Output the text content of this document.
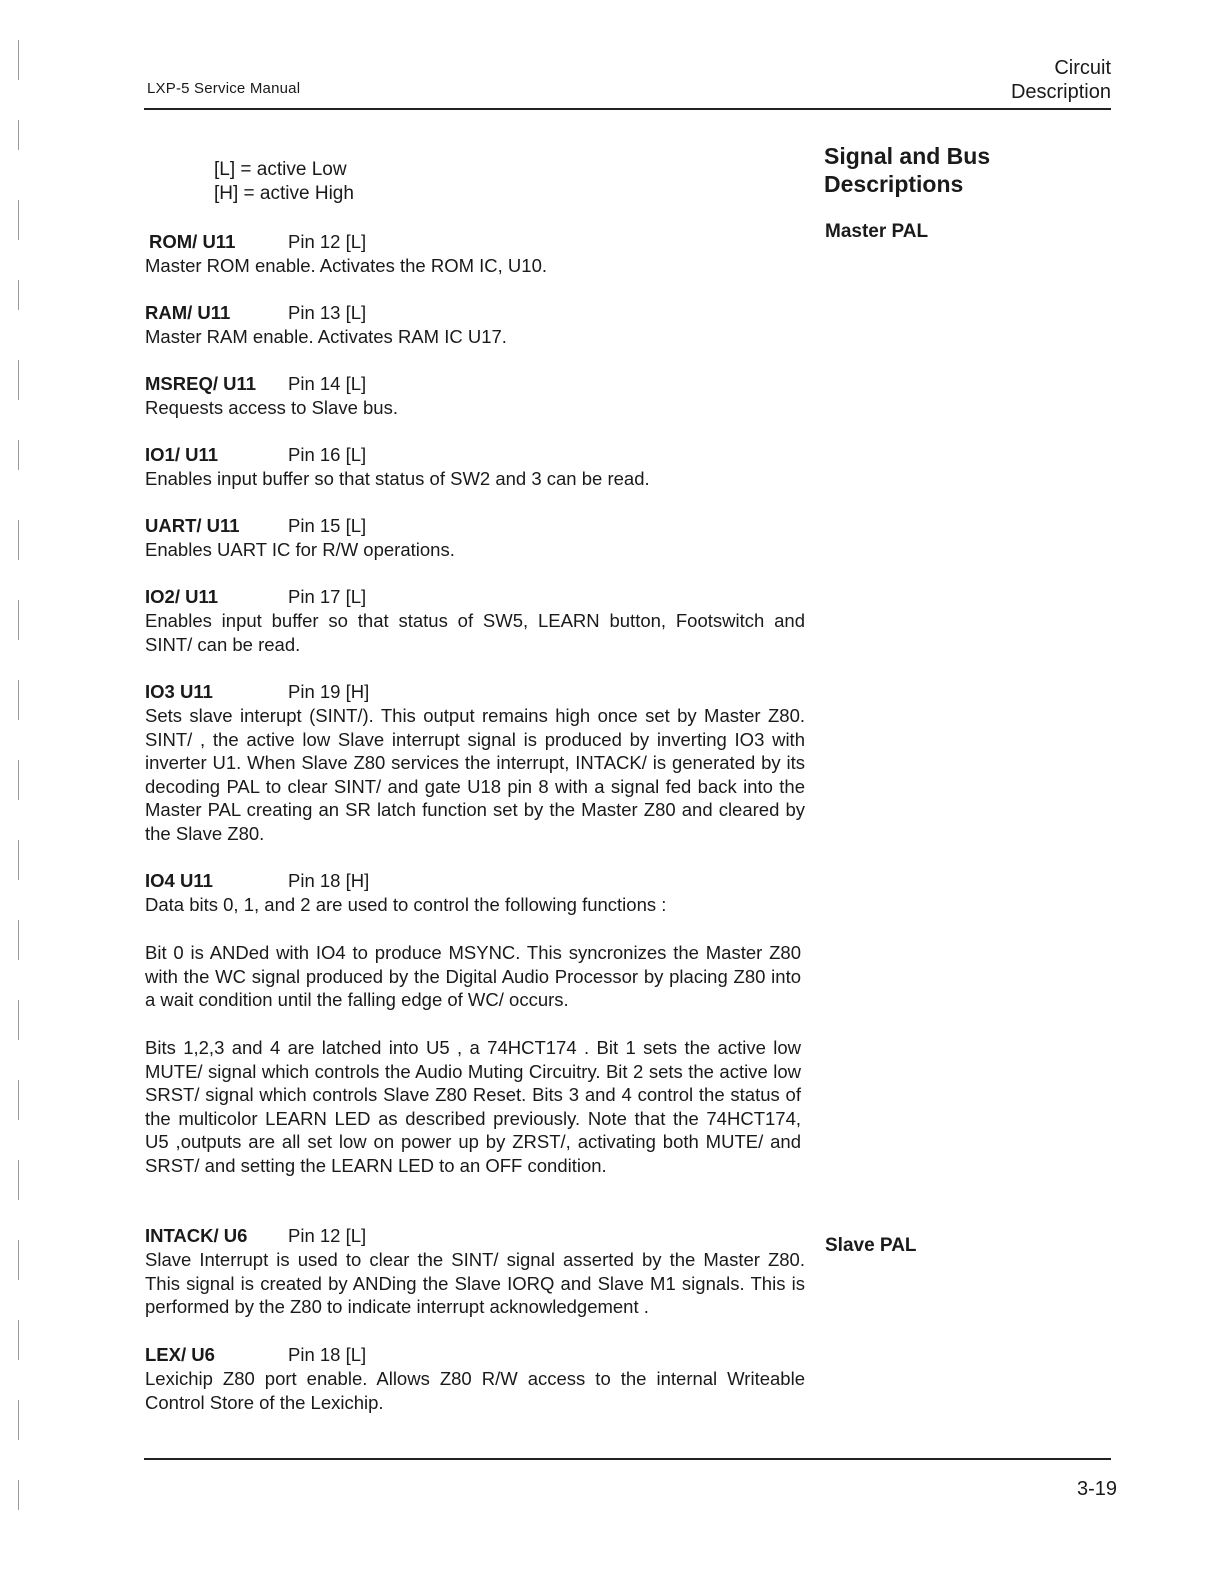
LXP-5 Service Manual
Circuit
Description
Signal and Bus
Descriptions
Master PAL
Slave PAL
[L] = active Low
[H] = active High
ROM/ U11	Pin 12 [L]

Master ROM enable. Activates the ROM IC, U10.

RAM/ U11	Pin 13 [L]

Master RAM enable. Activates RAM IC U17.

MSREQ/ U11 Pin 14 [L]

Requests access to Slave bus.

IO1/ U11	Pin 16 [L]

Enables input buffer so that status of SW2 and 3 can be read.

UART/ U11	Pin 15 [L]

Enables UART IC for R/W operations.

IO2/ U11	Pin 17 [L]

Enables input buffer so that status of SW5, LEARN button, Footswitch and SINT/ can be read.

IO3 U11	Pin 19 [H]

Sets slave interupt (SINT/). This output remains high once set by Master Z80. SINT/ , the active low Slave interrupt signal is produced by inverting IO3 with inverter U1. When Slave Z80 services the interrupt, INTACK/ is generated by its decoding PAL to clear SINT/ and gate U18 pin 8 with a signal fed back into the Master PAL creating an SR latch function set by the Master Z80 and cleared by the Slave Z80.

IO4 U11	Pin 18 [H]

Data bits 0, 1, and 2 are used to control the following functions :

Bit 0 is ANDed with IO4 to produce MSYNC. This syncronizes the Master Z80 with the WC signal produced by the Digital Audio Processor by placing Z80 into a wait condition until the falling edge of WC/ occurs.

Bits 1,2,3 and 4 are latched into U5 , a 74HCT174 . Bit 1 sets the active low MUTE/ signal which controls the Audio Muting Circuitry. Bit 2 sets the active low SRST/ signal which controls Slave Z80 Reset. Bits 3 and 4 control the status of the multicolor LEARN LED as described previously. Note that the 74HCT174, U5 ,outputs are all set low on power up by ZRST/, activating both MUTE/ and SRST/ and setting the LEARN LED to an OFF condition.

INTACK/ U6 Pin 12 [L]

Slave Interrupt is used to clear the SINT/ signal asserted by the Master Z80. This signal is created by ANDing the Slave IORQ and Slave M1 signals. This is performed by the Z80 to indicate interrupt acknowledgement .

LEX/ U6	Pin 18 [L]

Lexichip Z80 port enable. Allows Z80 R/W access to the internal Writeable Control Store of the Lexichip.

3-19
